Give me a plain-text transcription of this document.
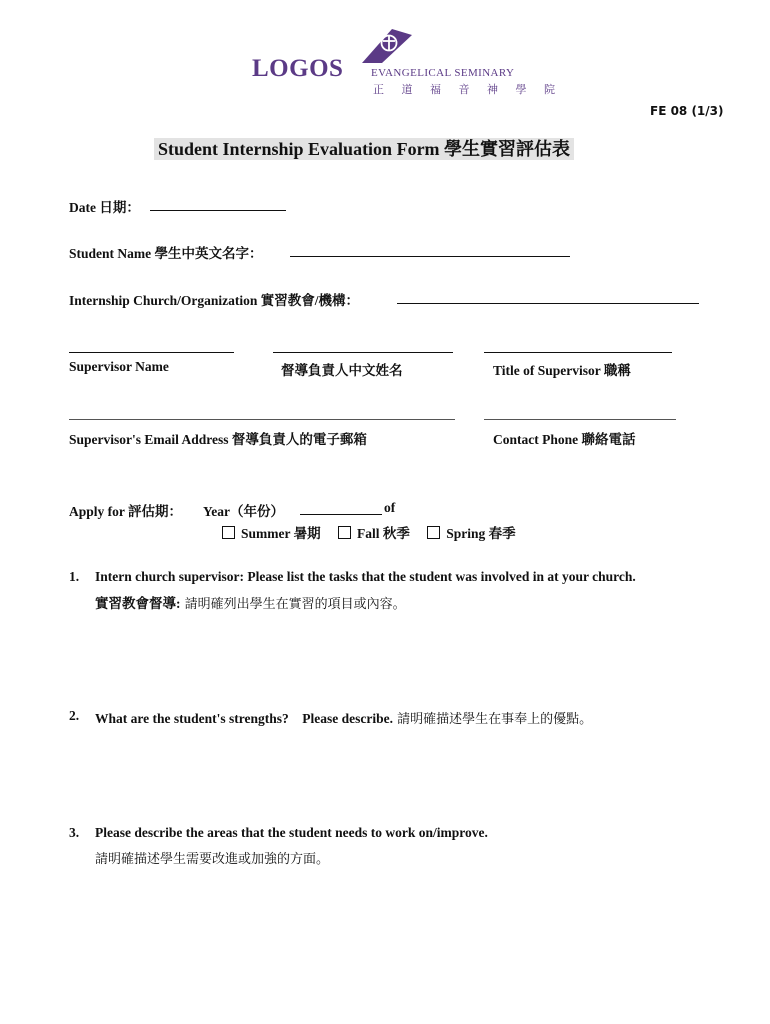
LOGOS	EVANGELICAL SEMINARY
正 道 福 音 神 學 院
FE 08 (1/3)
Student Internship Evaluation Form 學生實習評估表
Date 日期：
Student Name 學生中英文名字：
Internship Church/Organization 實習教會/機構：
Supervisor Name	督導負責人中文姓名	Title of Supervisor 職稱
Supervisor's Email Address 督導負責人的電子郵箱	Contact Phone 聯絡電話
Apply for 評估期： Year（年份）	of
Summer 暑期	Fall 秋季	Spring 春季
1. Intern church supervisor: Please list the tasks that the student was involved in at your church.
實習教會督導: 請明確列出學生在實習的項目或內容。
2. What are the student's strengths?    Please describe. 請明確描述學生在事奉上的優點。
3. Please describe the areas that the student needs to work on/improve.
請明確描述學生需要改進或加強的方面。
